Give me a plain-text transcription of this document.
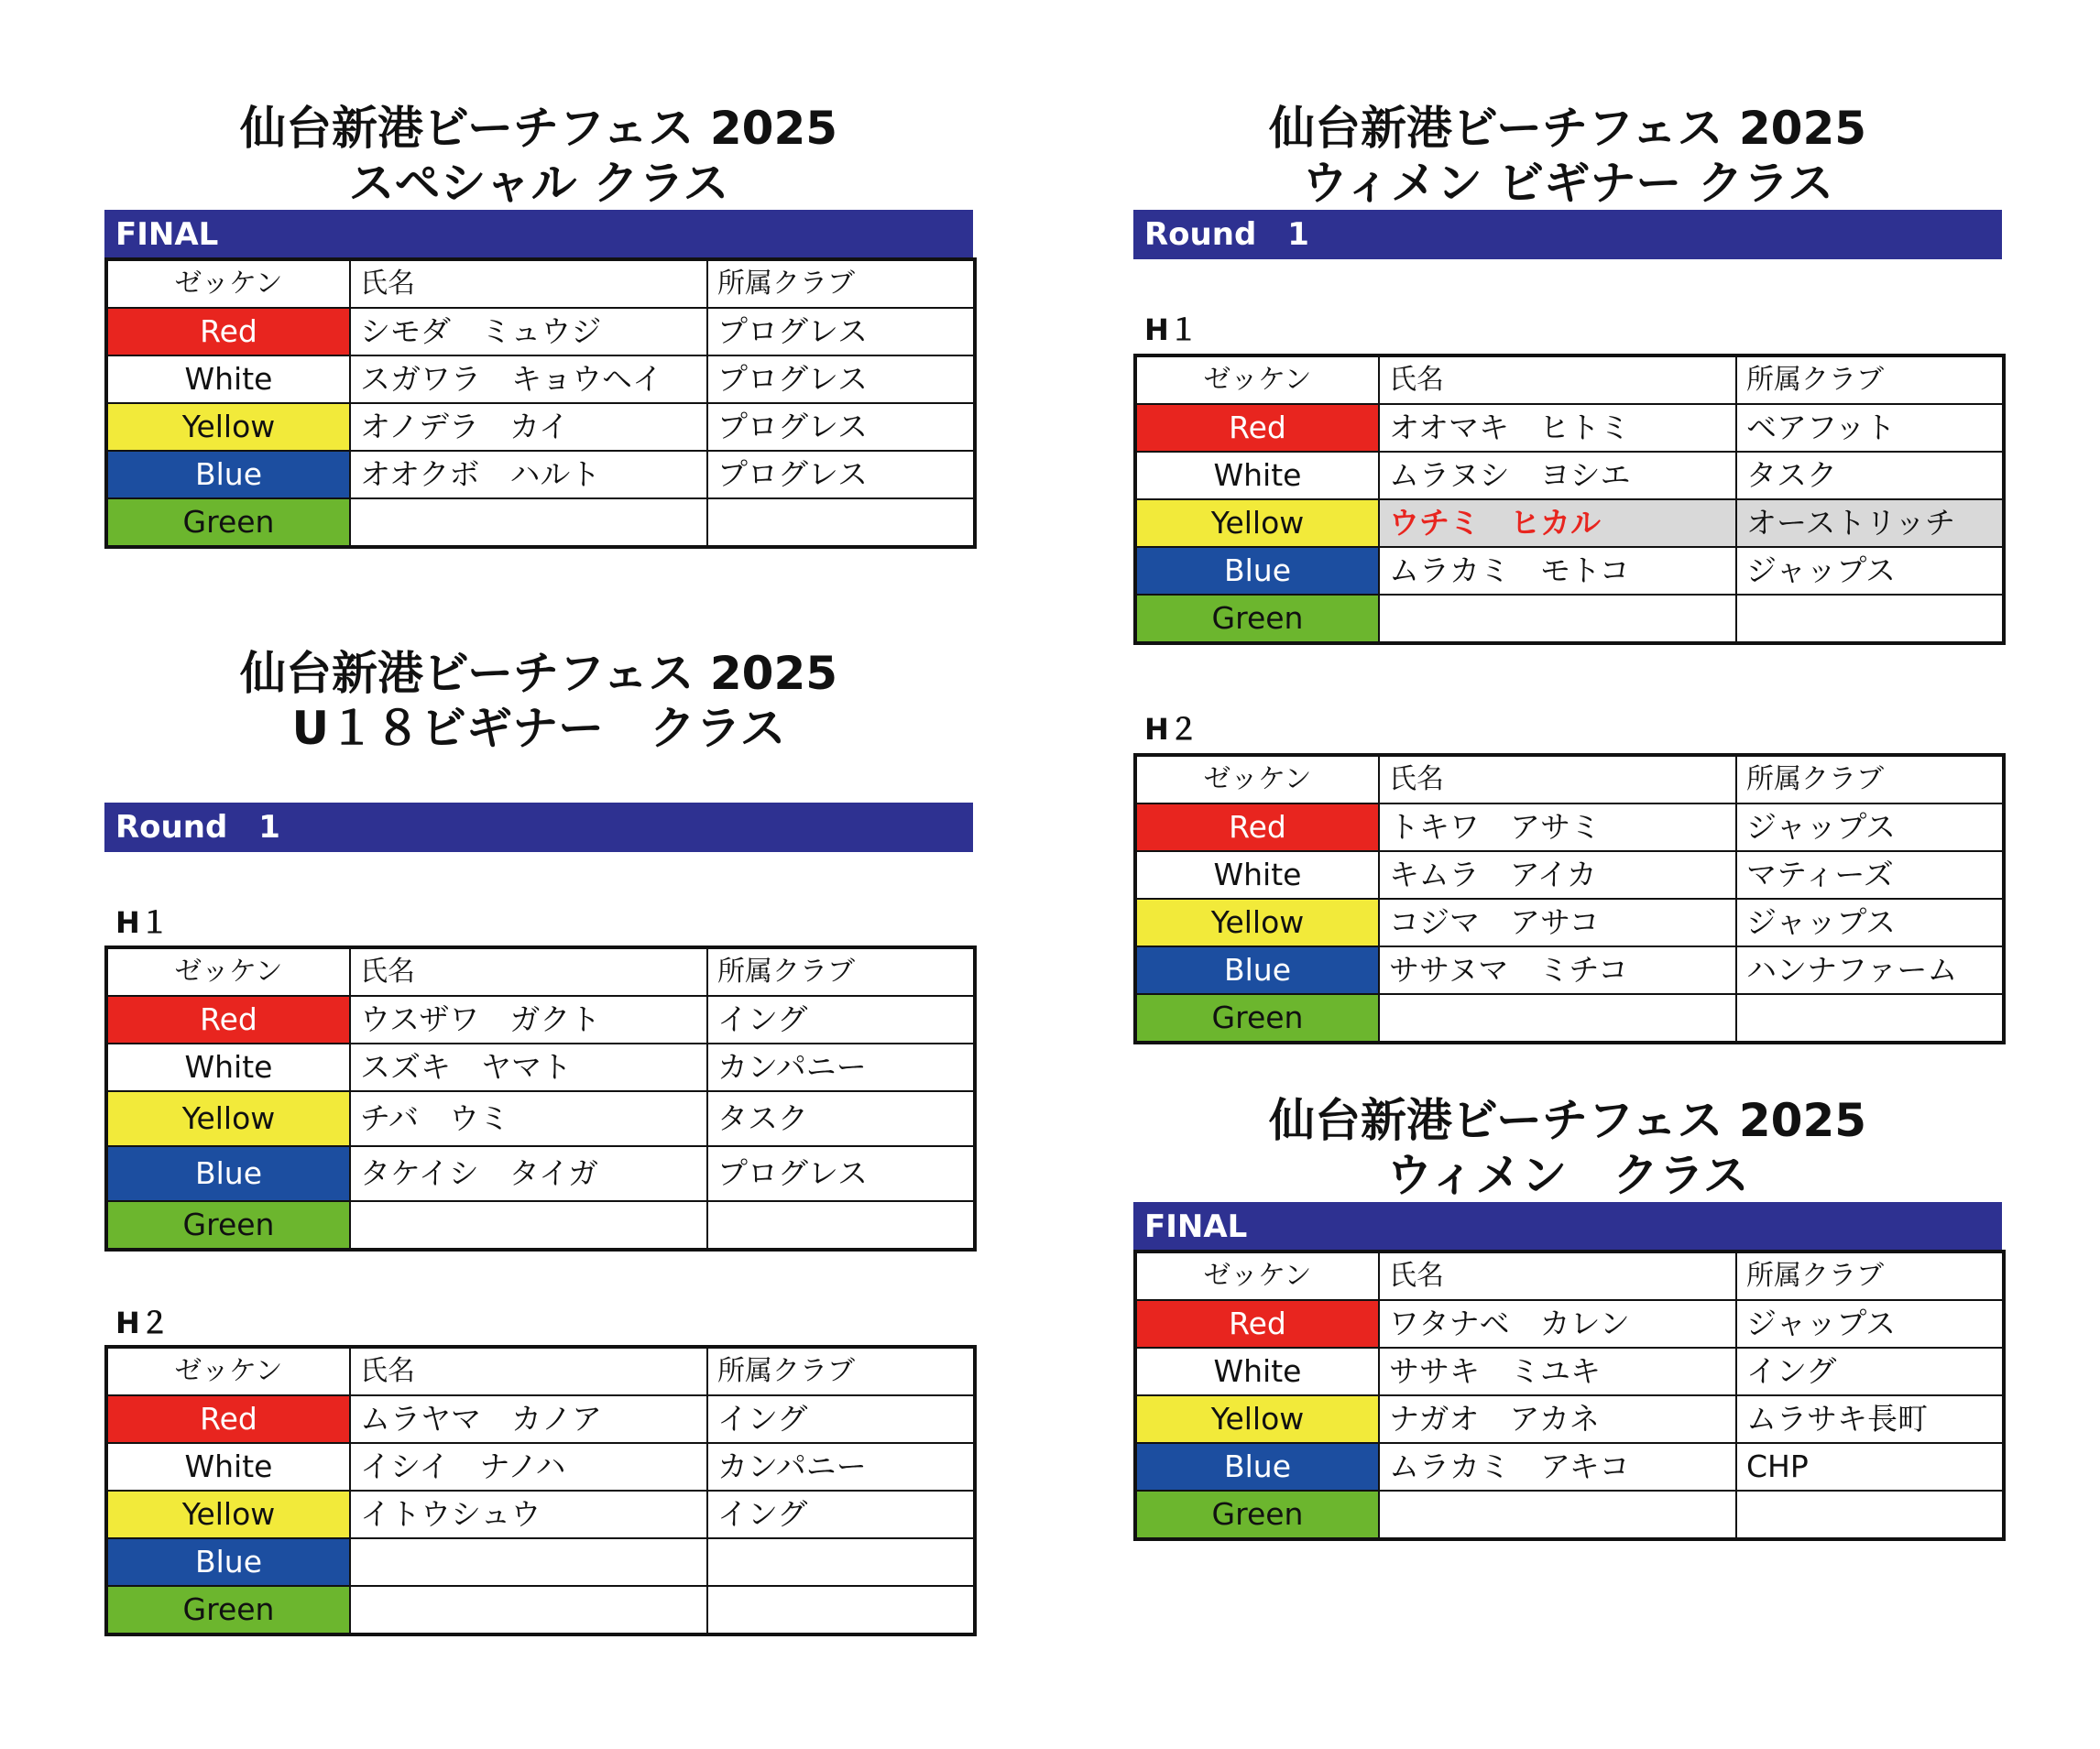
仙台新港ビーチフェス 2025
スペシャル クラス
FINAL
ゼッケン	氏名	所属クラブ
Red	シモダ　ミュウジ	プログレス
White	スガワラ　キョウヘイ	プログレス
Yellow	オノデラ　カイ	プログレス
Blue	オオクボ　ハルト	プログレス
Green		
仙台新港ビーチフェス 2025
U１８ビギナー　クラス
Round　1
H１
ゼッケン	氏名	所属クラブ
Red	ウスザワ　ガクト	イング
White	スズキ　ヤマト	カンパニー
Yellow	チバ　ウミ	タスク
Blue	タケイシ　タイガ	プログレス
Green		
H２
ゼッケン	氏名	所属クラブ
Red	ムラヤマ　カノア	イング
White	イシイ　ナノハ	カンパニー
Yellow	イトウシュウ	イング
Blue		
Green		
仙台新港ビーチフェス 2025
ウィメン ビギナー クラス
Round　1
H１
ゼッケン	氏名	所属クラブ
Red	オオマキ　ヒトミ	ベアフット
White	ムラヌシ　ヨシエ	タスク
Yellow	ウチミ　ヒカル	オーストリッチ
Blue	ムラカミ　モトコ	ジャップス
Green		
H２
ゼッケン	氏名	所属クラブ
Red	トキワ　アサミ	ジャップス
White	キムラ　アイカ	マティーズ
Yellow	コジマ　アサコ	ジャップス
Blue	ササヌマ　ミチコ	ハンナファーム
Green		
仙台新港ビーチフェス 2025
ウィメン　クラス
FINAL
ゼッケン	氏名	所属クラブ
Red	ワタナベ　カレン	ジャップス
White	ササキ　ミユキ	イング
Yellow	ナガオ　アカネ	ムラサキ長町
Blue	ムラカミ　アキコ	CHP
Green		
